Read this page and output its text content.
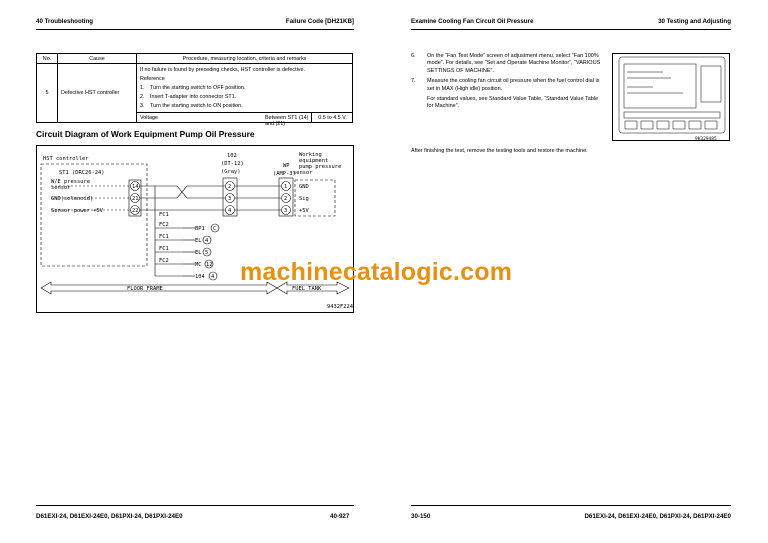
40 Troubleshooting	Failure Code [DH21KB]
No.	Cause	Procedure, measuring location, criteria and remarks	
5	Defective HST controller	If no failure is found by preceding checks, HST controller is defective.
Reference
1. Turn the starting switch to OFF position.
2. Insert T-adapter into connector ST1.
3. Turn the starting switch to ON position.	

		Voltage Between ST1 (14) and (21)	0.5 to 4.5 V
Circuit Diagram of Work Equipment Pump Oil Pressure
HST controller
ST1 (DRC26-24)
W/E pressure
sensor
GND(solenoid)
Sensor power +5V
14
21
22
102
(DT-12)
(Gray)
2
3
4
WP
(AMP-3)
Working
equipment
pump pressure
sensor
1
2
3
GND
Sig
+5V
FC1
FC2
FC1
FC1
FC2
BP1 C
EL 4
EL 5
MC 12
104 4
FLOOR FRAME	FUEL TANK
9432F224
D61EXI-24, D61EXI-24E0, D61PXI-24, D61PXI-24E0	40-927
Examine Cooling Fan Circuit Oil Pressure	30 Testing and Adjusting
6. On the “Fan Test Mode” screen of adjustment menu, select “Fan 100% mode”. For details, see “Set and Operate Machine Monitor”, “VARIOUS SETTINGS OF MACHINE”.
7. Measure the cooling fan circuit oil pressure when the fuel control dial is set in MAX (High idle) position.
For standard values, see Standard Value Table, “Standard Value Table for Machine”.
9K329485
After finishing the test, remove the testing tools and restore the machine.
30-150	D61EXI-24, D61EXI-24E0, D61PXI-24, D61PXI-24E0
machinecatalogic.com
